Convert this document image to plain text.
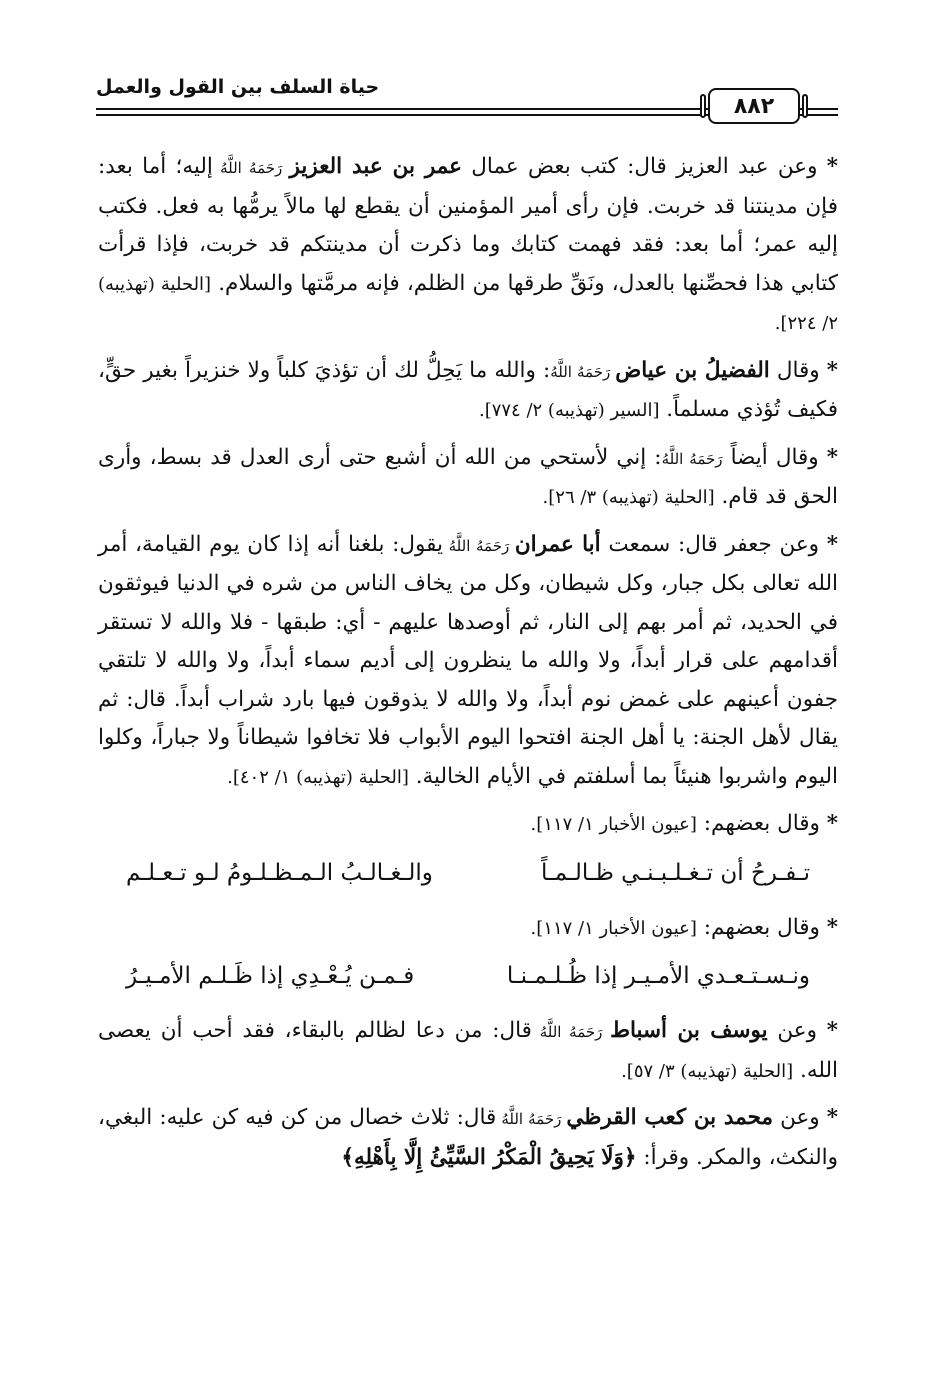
حياة السلف بين القول والعمل
٨٨٢

* وعن عبد العزيز قال: كتب بعض عمال عمر بن عبد العزيز رَحَمَهُ اللَّهُ إليه؛ أما بعد: فإن مدينتنا قد خربت. فإن رأى أمير المؤمنين أن يقطع لها مالاً يرمُّها به فعل. فكتب إليه عمر؛ أما بعد: فقد فهمت كتابك وما ذكرت أن مدينتكم قد خربت، فإذا قرأت كتابي هذا فحصِّنها بالعدل، ونَقِّ طرقها من الظلم، فإنه مرمَّتها والسلام. [الحلية (تهذيبه) ٢/ ٢٢٤].

* وقال الفضيلُ بن عياض رَحَمَهُ اللَّهُ: والله ما يَحِلُّ لك أن تؤذيَ كلباً ولا خنزيراً بغير حقٍّ، فكيف تُؤذي مسلماً. [السير (تهذيبه) ٢/ ٧٧٤].

* وقال أيضاً رَحَمَهُ اللَّهُ: إني لأستحي من الله أن أشبع حتى أرى العدل قد بسط، وأرى الحق قد قام. [الحلية (تهذيبه) ٣/ ٢٦].

* وعن جعفر قال: سمعت أبا عمران رَحَمَهُ اللَّهُ يقول: بلغنا أنه إذا كان يوم القيامة، أمر الله تعالى بكل جبار، وكل شيطان، وكل من يخاف الناس من شره في الدنيا فيوثقون في الحديد، ثم أمر بهم إلى النار، ثم أوصدها عليهم - أي: طبقها - فلا والله لا تستقر أقدامهم على قرار أبداً، ولا والله ما ينظرون إلى أديم سماء أبداً، ولا والله لا تلتقي جفون أعينهم على غمض نوم أبداً، ولا والله لا يذوقون فيها بارد شراب أبداً. قال: ثم يقال لأهل الجنة: يا أهل الجنة افتحوا اليوم الأبواب فلا تخافوا شيطاناً ولا جباراً، وكلوا اليوم واشربوا هنيئاً بما أسلفتم في الأيام الخالية. [الحلية (تهذيبه) ١/ ٤٠٢].

* وقال بعضهم: [عيون الأخبار ١/ ١١٧].

تـفـرحُ أن تـغـلـبـنـي ظـالـمـاً
والـغـالـبُ الـمـظـلـومُ لـو تـعـلـم

* وقال بعضهم: [عيون الأخبار ١/ ١١٧].

ونـسـتـعـدي الأمـيـر إذا ظُـلـمـنـا
فـمـن يُـعْـدِي إذا ظَـلـم الأمـيـرُ

* وعن يوسف بن أسباط رَحَمَهُ اللَّهُ قال: من دعا لظالم بالبقاء، فقد أحب أن يعصى الله. [الحلية (تهذيبه) ٣/ ٥٧].

* وعن محمد بن كعب القرظي رَحَمَهُ اللَّهُ قال: ثلاث خصال من كن فيه كن عليه: البغي، والنكث، والمكر. وقرأ: ﴿وَلَا يَحِيقُ الْمَكْرُ السَّيِّئُ إِلَّا بِأَهْلِهِ﴾
